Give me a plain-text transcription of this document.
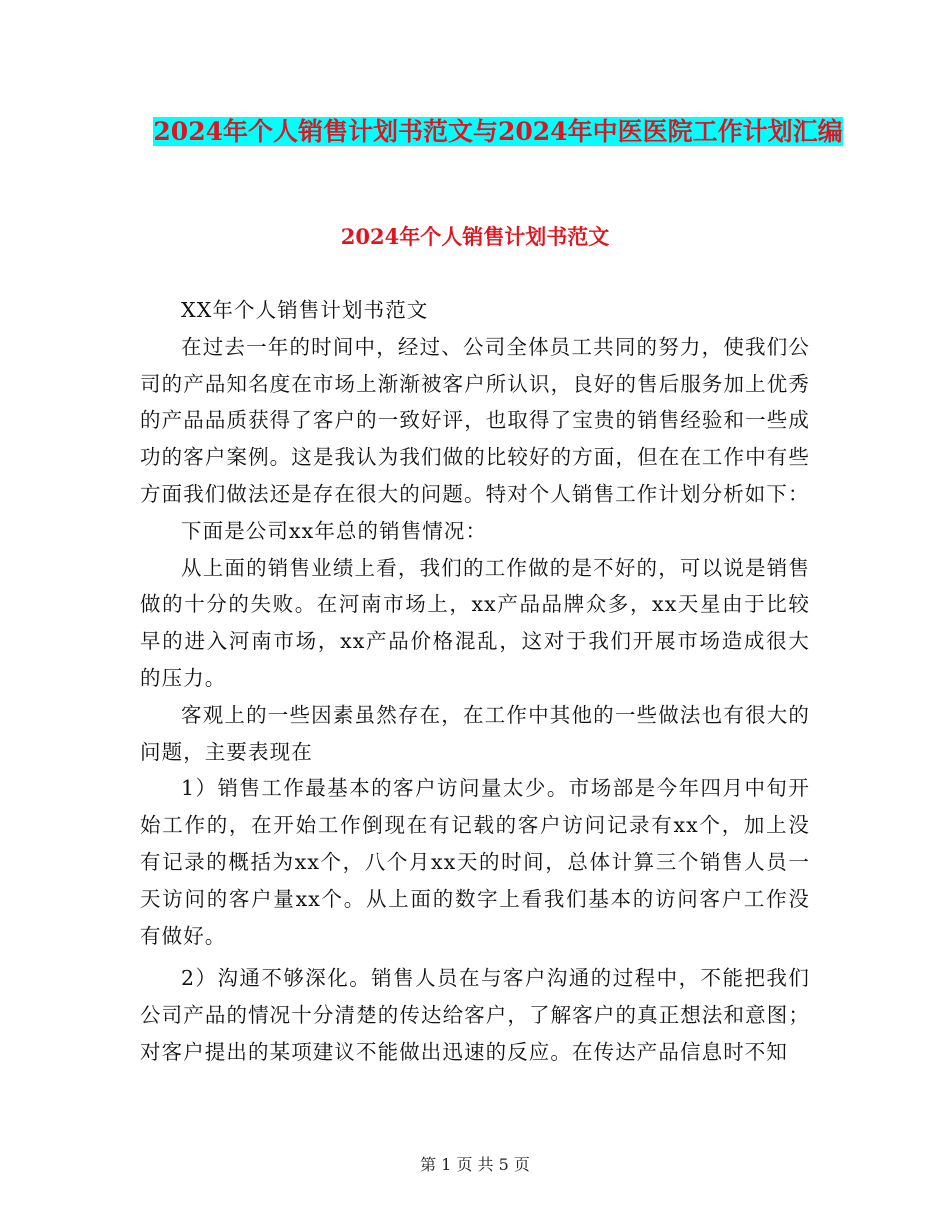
2024年个人销售计划书范文与2024年中医医院工作计划汇编
2024年个人销售计划书范文

XX年个人销售计划书范文

在过去一年的时间中，经过、公司全体员工共同的努力，使我们公司的产品知名度在市场上渐渐被客户所认识，良好的售后服务加上优秀的产品品质获得了客户的一致好评，也取得了宝贵的销售经验和一些成功的客户案例。这是我认为我们做的比较好的方面，但在在工作中有些方面我们做法还是存在很大的问题。特对个人销售工作计划分析如下：

下面是公司xx年总的销售情况：

从上面的销售业绩上看，我们的工作做的是不好的，可以说是销售做的十分的失败。在河南市场上，xx产品品牌众多，xx天星由于比较早的进入河南市场，xx产品价格混乱，这对于我们开展市场造成很大的压力。

客观上的一些因素虽然存在，在工作中其他的一些做法也有很大的问题，主要表现在

1）销售工作最基本的客户访问量太少。市场部是今年四月中旬开始工作的，在开始工作倒现在有记载的客户访问记录有xx个，加上没有记录的概括为xx个，八个月xx天的时间，总体计算三个销售人员一天访问的客户量xx个。从上面的数字上看我们基本的访问客户工作没有做好。

2）沟通不够深化。销售人员在与客户沟通的过程中，不能把我们公司产品的情况十分清楚的传达给客户，了解客户的真正想法和意图；对客户提出的某项建议不能做出迅速的反应。在传达产品信息时不知

第 1 页 共 5 页
